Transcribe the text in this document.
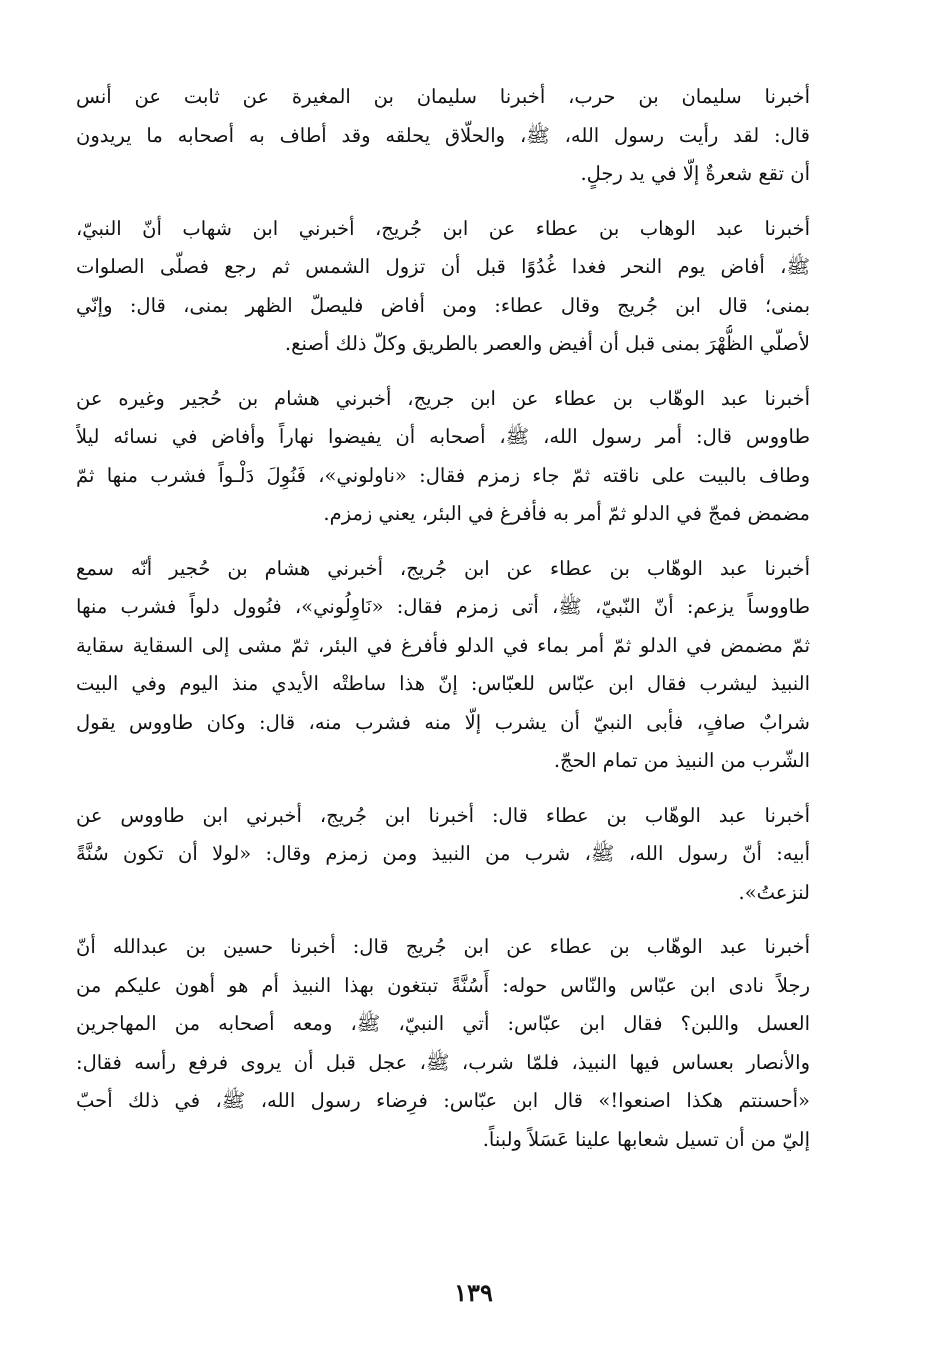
أخبرنا سليمان بن حرب، أخبرنا سليمان بن المغيرة عن ثابت عن أنس
قال: لقد رأيت رسول الله، ﷺ، والحلّاق يحلقه وقد أطاف به أصحابه ما يريدون
أن تقع شعرةٌ إلّا في يد رجلٍ.
أخبرنا عبد الوهاب بن عطاء عن ابن جُريج، أخبرني ابن شهاب أنّ النبيّ،
ﷺ، أفاض يوم النحر فغدا غُدُوًا قبل أن تزول الشمس ثم رجع فصلّى الصلوات
بمنى؛ قال ابن جُريج وقال عطاء: ومن أفاض فليصلّ الظهر بمنى، قال: وإنّي
لأصلّي الظُّهْرَ بمنى قبل أن أفيض والعصر بالطريق وكلّ ذلك أصنع.
أخبرنا عبد الوهّاب بن عطاء عن ابن جريج، أخبرني هشام بن حُجير وغيره عن
طاووس قال: أمر رسول الله، ﷺ، أصحابه أن يفيضوا نهاراً وأفاض في نسائه ليلاً
وطاف بالبيت على ناقته ثمّ جاء زمزم فقال: «ناولوني»، فَنُوِلَ دَلْـواً فشرب منها ثمّ
مضمض فمجّ في الدلو ثمّ أمر به فأفرغ في البئر، يعني زمزم.
أخبرنا عبد الوهّاب بن عطاء عن ابن جُريج، أخبرني هشام بن حُجير أنّه سمع
طاووساً يزعم: أنّ النّبيّ، ﷺ، أتى زمزم فقال: «نَاوِلُوني»، فنُوول دلواً فشرب منها
ثمّ مضمض في الدلو ثمّ أمر بماء في الدلو فأفرغ في البئر، ثمّ مشى إلى السقاية سقاية
النبيذ ليشرب فقال ابن عبّاس للعبّاس: إنّ هذا ساطتْه الأيدي منذ اليوم وفي البيت
شرابٌ صافٍ، فأبى النبيّ أن يشرب إلّا منه فشرب منه، قال: وكان طاووس يقول
الشّرب من النبيذ من تمام الحجّ.
أخبرنا عبد الوهّاب بن عطاء قال: أخبرنا ابن جُريج، أخبرني ابن طاووس عن
أبيه: أنّ رسول الله، ﷺ، شرب من النبيذ ومن زمزم وقال: «لولا أن تكون سُنَّةً
لنزعتُ».
أخبرنا عبد الوهّاب بن عطاء عن ابن جُريج قال: أخبرنا حسين بن عبدالله أنّ
رجلاً نادى ابن عبّاس والنّاس حوله: أَسُنَّةً تبتغون بهذا النبيذ أم هو أهون عليكم من
العسل واللبن؟ فقال ابن عبّاس: أتي النبيّ، ﷺ، ومعه أصحابه من المهاجرين
والأنصار بعساس فيها النبيذ، فلمّا شرب، ﷺ، عجل قبل أن يروى فرفع رأسه فقال:
«أحسنتم هكذا اصنعوا!» قال ابن عبّاس: فرِضاء رسول الله، ﷺ، في ذلك أحبّ
إليّ من أن تسيل شعابها علينا عَسَلاً ولبناً.
١٣٩
